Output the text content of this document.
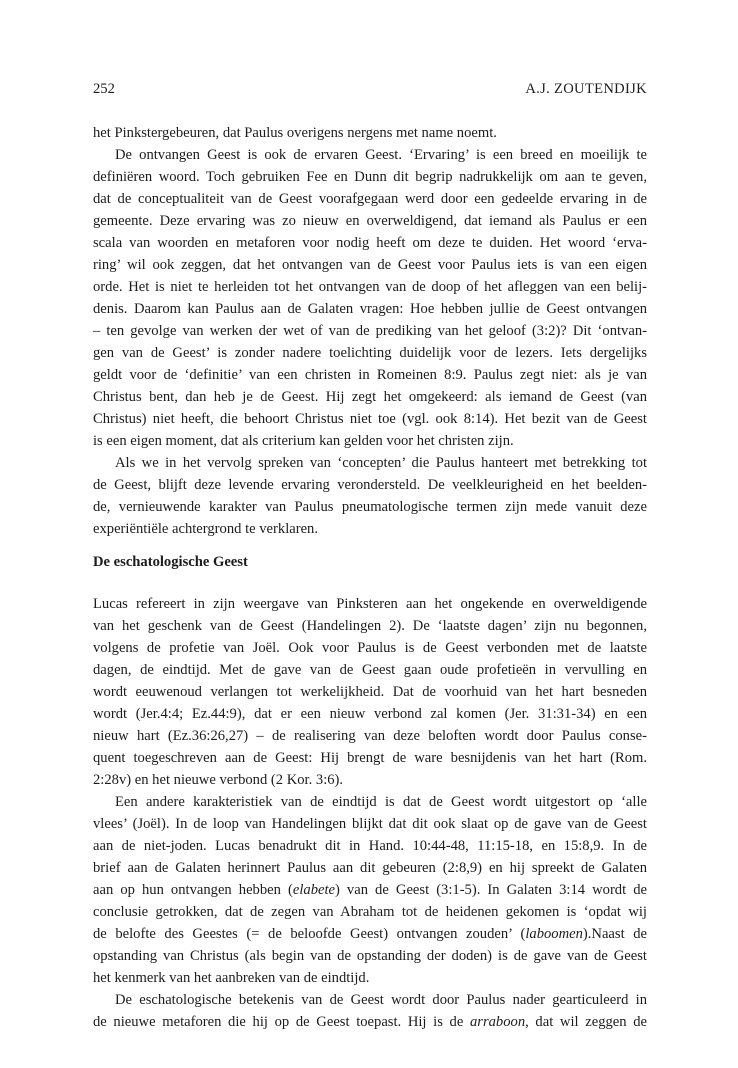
252	A.J. ZOUTENDIJK
het Pinkstergebeuren, dat Paulus overigens nergens met name noemt.
De ontvangen Geest is ook de ervaren Geest. ‘Ervaring’ is een breed en moeilijk te
definiëren woord. Toch gebruiken Fee en Dunn dit begrip nadrukkelijk om aan te geven,
dat de conceptualiteit van de Geest voorafgegaan werd door een gedeelde ervaring in de
gemeente. Deze ervaring was zo nieuw en overweldigend, dat iemand als Paulus er een
scala van woorden en metaforen voor nodig heeft om deze te duiden. Het woord ‘erva-
ring’ wil ook zeggen, dat het ontvangen van de Geest voor Paulus iets is van een eigen
orde. Het is niet te herleiden tot het ontvangen van de doop of het afleggen van een belij-
denis. Daarom kan Paulus aan de Galaten vragen: Hoe hebben jullie de Geest ontvangen
– ten gevolge van werken der wet of van de prediking van het geloof (3:2)? Dit ‘ontvan-
gen van de Geest’ is zonder nadere toelichting duidelijk voor de lezers. Iets dergelijks
geldt voor de ‘definitie’ van een christen in Romeinen 8:9. Paulus zegt niet: als je van
Christus bent, dan heb je de Geest. Hij zegt het omgekeerd: als iemand de Geest (van
Christus) niet heeft, die behoort Christus niet toe (vgl. ook 8:14). Het bezit van de Geest
is een eigen moment, dat als criterium kan gelden voor het christen zijn.
Als we in het vervolg spreken van ‘concepten’ die Paulus hanteert met betrekking tot
de Geest, blijft deze levende ervaring verondersteld. De veelkleurigheid en het beelden-
de, vernieuwende karakter van Paulus pneumatologische termen zijn mede vanuit deze
experiëntiële achtergrond te verklaren.
De eschatologische Geest
Lucas refereert in zijn weergave van Pinksteren aan het ongekende en overweldigende
van het geschenk van de Geest (Handelingen 2). De ‘laatste dagen’ zijn nu begonnen,
volgens de profetie van Joël. Ook voor Paulus is de Geest verbonden met de laatste
dagen, de eindtijd. Met de gave van de Geest gaan oude profetieën in vervulling en
wordt eeuwenoud verlangen tot werkelijkheid. Dat de voorhuid van het hart besneden
wordt (Jer.4:4; Ez.44:9), dat er een nieuw verbond zal komen (Jer. 31:31-34) en een
nieuw hart (Ez.36:26,27) – de realisering van deze beloften wordt door Paulus conse-
quent toegeschreven aan de Geest: Hij brengt de ware besnijdenis van het hart (Rom.
2:28v) en het nieuwe verbond (2 Kor. 3:6).
Een andere karakteristiek van de eindtijd is dat de Geest wordt uitgestort op ‘alle
vlees’ (Joël). In de loop van Handelingen blijkt dat dit ook slaat op de gave van de Geest
aan de niet-joden. Lucas benadrukt dit in Hand. 10:44-48, 11:15-18, en 15:8,9. In de
brief aan de Galaten herinnert Paulus aan dit gebeuren (2:8,9) en hij spreekt de Galaten
aan op hun ontvangen hebben (elabete) van de Geest (3:1-5). In Galaten 3:14 wordt de
conclusie getrokken, dat de zegen van Abraham tot de heidenen gekomen is ‘opdat wij
de belofte des Geestes (= de beloofde Geest) ontvangen zouden’ (laboomen).Naast de
opstanding van Christus (als begin van de opstanding der doden) is de gave van de Geest
het kenmerk van het aanbreken van de eindtijd.
De eschatologische betekenis van de Geest wordt door Paulus nader gearticuleerd in
de nieuwe metaforen die hij op de Geest toepast. Hij is de arraboon, dat wil zeggen de
